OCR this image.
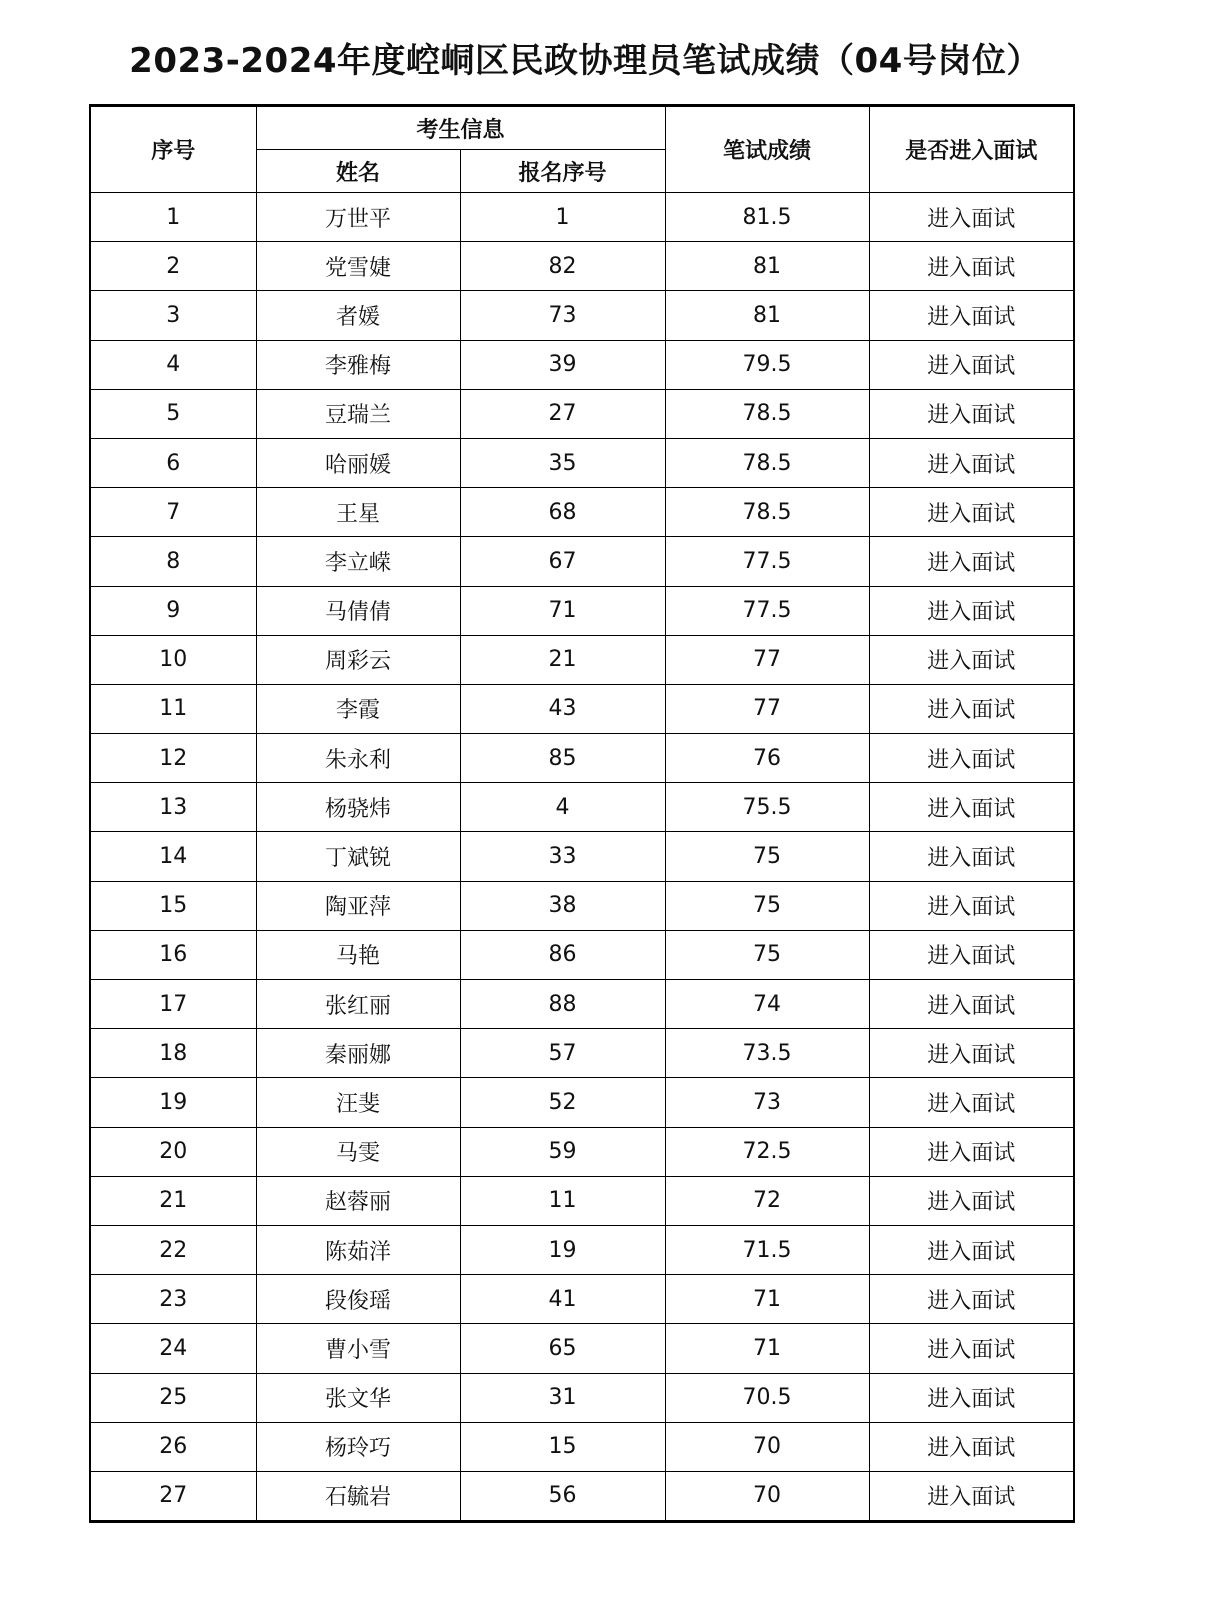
2023-2024年度崆峒区民政协理员笔试成绩（04号岗位）
序号	考生信息		笔试成绩	是否进入面试
	姓名	报名序号		
1	万世平	1	81.5	进入面试
2	党雪婕	82	81	进入面试
3	者媛	73	81	进入面试
4	李雅梅	39	79.5	进入面试
5	豆瑞兰	27	78.5	进入面试
6	哈丽媛	35	78.5	进入面试
7	王星	68	78.5	进入面试
8	李立嵘	67	77.5	进入面试
9	马倩倩	71	77.5	进入面试
10	周彩云	21	77	进入面试
11	李霞	43	77	进入面试
12	朱永利	85	76	进入面试
13	杨骁炜	4	75.5	进入面试
14	丁斌锐	33	75	进入面试
15	陶亚萍	38	75	进入面试
16	马艳	86	75	进入面试
17	张红丽	88	74	进入面试
18	秦丽娜	57	73.5	进入面试
19	汪斐	52	73	进入面试
20	马雯	59	72.5	进入面试
21	赵蓉丽	11	72	进入面试
22	陈茹洋	19	71.5	进入面试
23	段俊瑶	41	71	进入面试
24	曹小雪	65	71	进入面试
25	张文华	31	70.5	进入面试
26	杨玲巧	15	70	进入面试
27	石毓岩	56	70	进入面试
